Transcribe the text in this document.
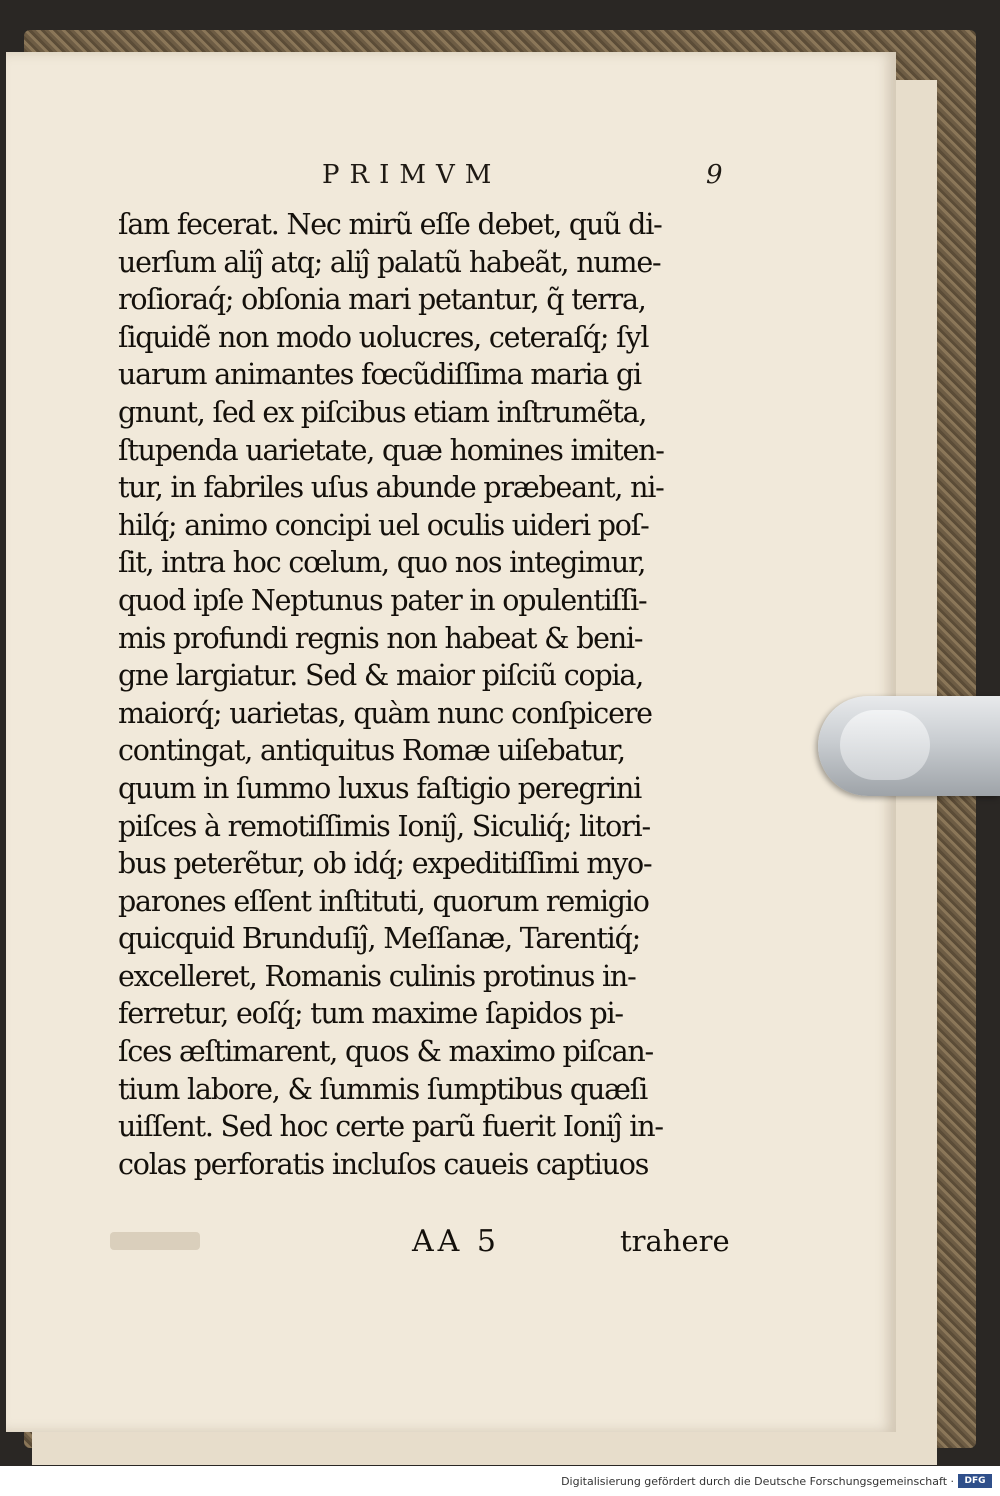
PRIMVM	9
ſam fecerat. Nec mirũ eſſe debet, quũ di-
uerſum aliĵ atq; aliĵ palatũ habeãt, nume-
roſioraq́; obſonia mari petantur, q̃ terra,
ſiquidẽ non modo uolucres, ceteraſq́; ſyl
uarum animantes fœcũdiſſima maria gi
gnunt, ſed ex piſcibus etiam inſtrumẽta,
ſtupenda uarietate, quæ homines imiten-
tur, in fabriles uſus abunde præbeant, ni-
hilq́; animo concipi uel oculis uideri poſ-
ſit, intra hoc cœlum, quo nos integimur,
quod ipſe Neptunus pater in opulentiſſi-
mis profundi regnis non habeat & beni-
gne largiatur. Sed & maior piſciũ copia,
maiorq́; uarietas, quàm nunc conſpicere
contingat, antiquitus Romæ uiſebatur,
quum in ſummo luxus faſtigio peregrini
piſces à remotiſſimis Ioniĵ, Siculiq́; litori-
bus peterẽtur, ob idq́; expeditiſſimi myo-
parones eſſent inſtituti, quorum remigio
quicquid Brunduſiĵ, Meſſanæ, Tarentiq́;
excelleret, Romanis culinis protinus in-
ferretur, eoſq́; tum maxime ſapidos pi-
ſces æſtimarent, quos & maximo piſcan-
tium labore, & ſummis ſumptibus quæſi
uiſſent. Sed hoc certe parũ fuerit Ioniĵ in-
colas perforatis incluſos caueis captiuos
AA 5	trahere
Digitalisierung gefördert durch die Deutsche Forschungsgemeinschaft ·	DFG
